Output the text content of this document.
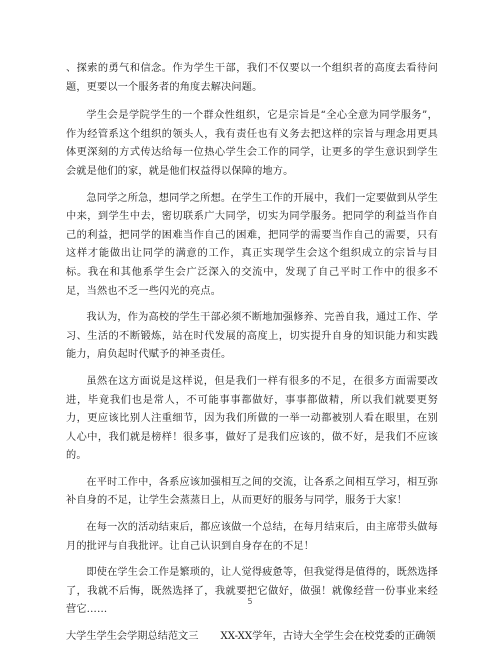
、探索的勇气和信念。作为学生干部，我们不仅要以一个组织者的高度去看待问题，更要以一个服务者的角度去解决问题。

学生会是学院学生的一个群众性组织，它是宗旨是“全心全意为同学服务”，作为经管系这个组织的领头人，我有责任也有义务去把这样的宗旨与理念用更具体更深刻的方式传达给每一位热心学生会工作的同学，让更多的学生意识到学生会就是他们的家，就是他们权益得以保障的地方。

急同学之所急，想同学之所想。在学生工作的开展中，我们一定要做到从学生中来，到学生中去，密切联系广大同学，切实为同学服务。把同学的利益当作自己的利益，把同学的困难当作自己的困难，把同学的需要当作自己的需要，只有这样才能做出让同学的满意的工作，真正实现学生会这个组织成立的宗旨与目标。我在和其他系学生会广泛深入的交流中，发现了自己平时工作中的很多不足，当然也不乏一些闪光的亮点。

我认为，作为高校的学生干部必须不断地加强修养、完善自我，通过工作、学习、生活的不断锻炼，站在时代发展的高度上，切实提升自身的知识能力和实践能力，肩负起时代赋予的神圣责任。

虽然在这方面说是这样说，但是我们一样有很多的不足，在很多方面需要改进，毕竟我们也是常人，不可能事事都做好，事事都做精，所以我们就要更努力，更应该比别人注重细节，因为我们所做的一举一动都被别人看在眼里，在别人心中，我们就是榜样！很多事，做好了是我们应该的，做不好，是我们不应该的。

在平时工作中，各系应该加强相互之间的交流，让各系之间相互学习，相互弥补自身的不足，让学生会蒸蒸日上，从而更好的服务与同学，服务于大家！

在每一次的活动结束后，都应该做一个总结，在每月结束后，由主席带头做每月的批评与自我批评。让自己认识到自身存在的不足！

即使在学生会工作是繁琐的，让人觉得疲惫等，但我觉得是值得的，既然选择了，我就不后悔，既然选择了，我就要把它做好，做强！就像经营一份事业来经营它……

大学生学生会学期总结范文三 XX-XX学年，古诗大全学生会在校党委的正确领

5
